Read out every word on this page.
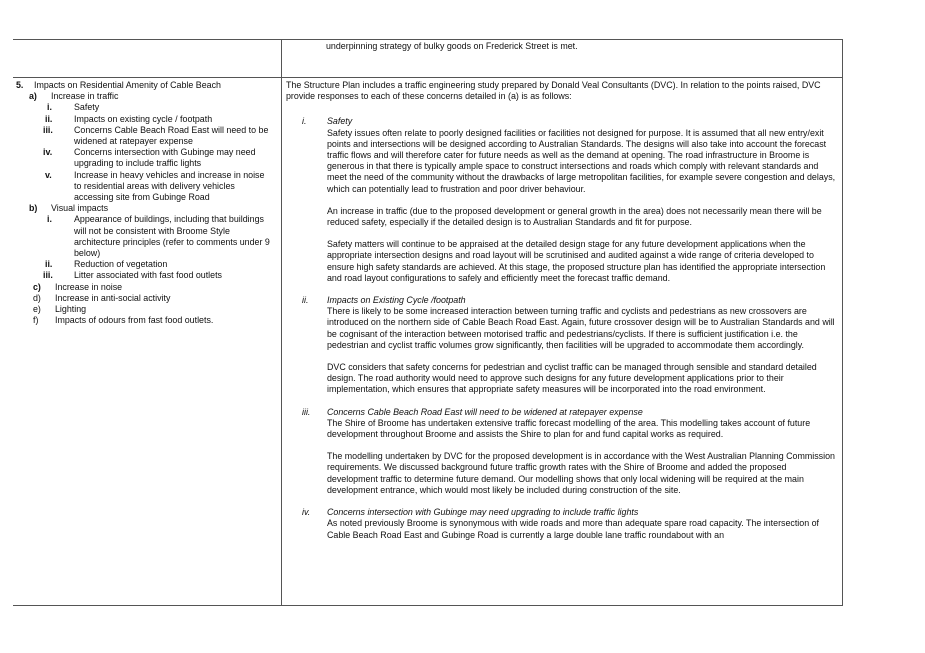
underpinning strategy of bulky goods on Frederick Street is met.

5. Impacts on Residential Amenity of Cable Beach

a) Increase in traffic

i. Safety

ii. Impacts on existing cycle / footpath

iii. Concerns Cable Beach Road East will need to be widened at ratepayer expense

iv. Concerns intersection with Gubinge may need upgrading to include traffic lights

v.	Increase in heavy vehicles and increase in noise to residential areas with delivery vehicles accessing site from Gubinge Road

b) Visual impacts

i. Appearance of buildings, including that buildings will not be consistent with Broome Style architecture principles (refer to comments under 9 below)

ii. Reduction of vegetation

iii. Litter associated with fast food outlets

c) Increase in noise

d) Increase in anti-social activity

e) Lighting

f) Impacts of odours from fast food outlets.

The Structure Plan includes a traffic engineering study prepared by Donald Veal Consultants (DVC). In relation to the points raised, DVC provide responses to each of these concerns detailed in (a) is as follows:

i. Safety

Safety issues often relate to poorly designed facilities or facilities not designed for purpose. It is assumed that all new entry/exit points and intersections will be designed according to Australian Standards. The designs will also take into account the forecast traffic flows and will therefore cater for future needs as well as the demand at opening. The road infrastructure in Broome is generous in that there is typically ample space to construct intersections and roads which comply with relevant standards and meet the need of the community without the drawbacks of large metropolitan facilities, for example severe congestion and delays, which can potentially lead to frustration and poor driver behaviour.

An increase in traffic (due to the proposed development or general growth in the area) does not necessarily mean there will be reduced safety, especially if the detailed design is to Australian Standards and fit for purpose.

Safety matters will continue to be appraised at the detailed design stage for any future development applications when the appropriate intersection designs and road layout will be scrutinised and audited against a wide range of criteria developed to ensure high safety standards are achieved. At this stage, the proposed structure plan has identified the appropriate intersection and road layout configurations to safely and efficiently meet the forecast traffic demand.

ii. Impacts on Existing Cycle /footpath

There is likely to be some increased interaction between turning traffic and cyclists and pedestrians as new crossovers are introduced on the northern side of Cable Beach Road East. Again, future crossover design will be to Australian Standards and will be cognisant of the interaction between motorised traffic and pedestrians/cyclists. If there is sufficient justification i.e. the pedestrian and cyclist traffic volumes grow significantly, then facilities will be upgraded to accommodate them accordingly.

DVC considers that safety concerns for pedestrian and cyclist traffic can be managed through sensible and standard detailed design. The road authority would need to approve such designs for any future development applications prior to their implementation, which ensures that appropriate safety measures will be incorporated into the road environment.

iii. Concerns Cable Beach Road East will need to be widened at ratepayer expense

The Shire of Broome has undertaken extensive traffic forecast modelling of the area. This modelling takes account of future development throughout Broome and assists the Shire to plan for and fund capital works as required.

The modelling undertaken by DVC for the proposed development is in accordance with the West Australian Planning Commission requirements. We discussed background future traffic growth rates with the Shire of Broome and added the proposed development traffic to determine future demand. Our modelling shows that only local widening will be required at the main development entrance, which would most likely be included during construction of the site.

iv. Concerns intersection with Gubinge may need upgrading to include traffic lights

As noted previously Broome is synonymous with wide roads and more than adequate spare road capacity. The intersection of Cable Beach Road East and Gubinge Road is currently a large double lane traffic roundabout with an
